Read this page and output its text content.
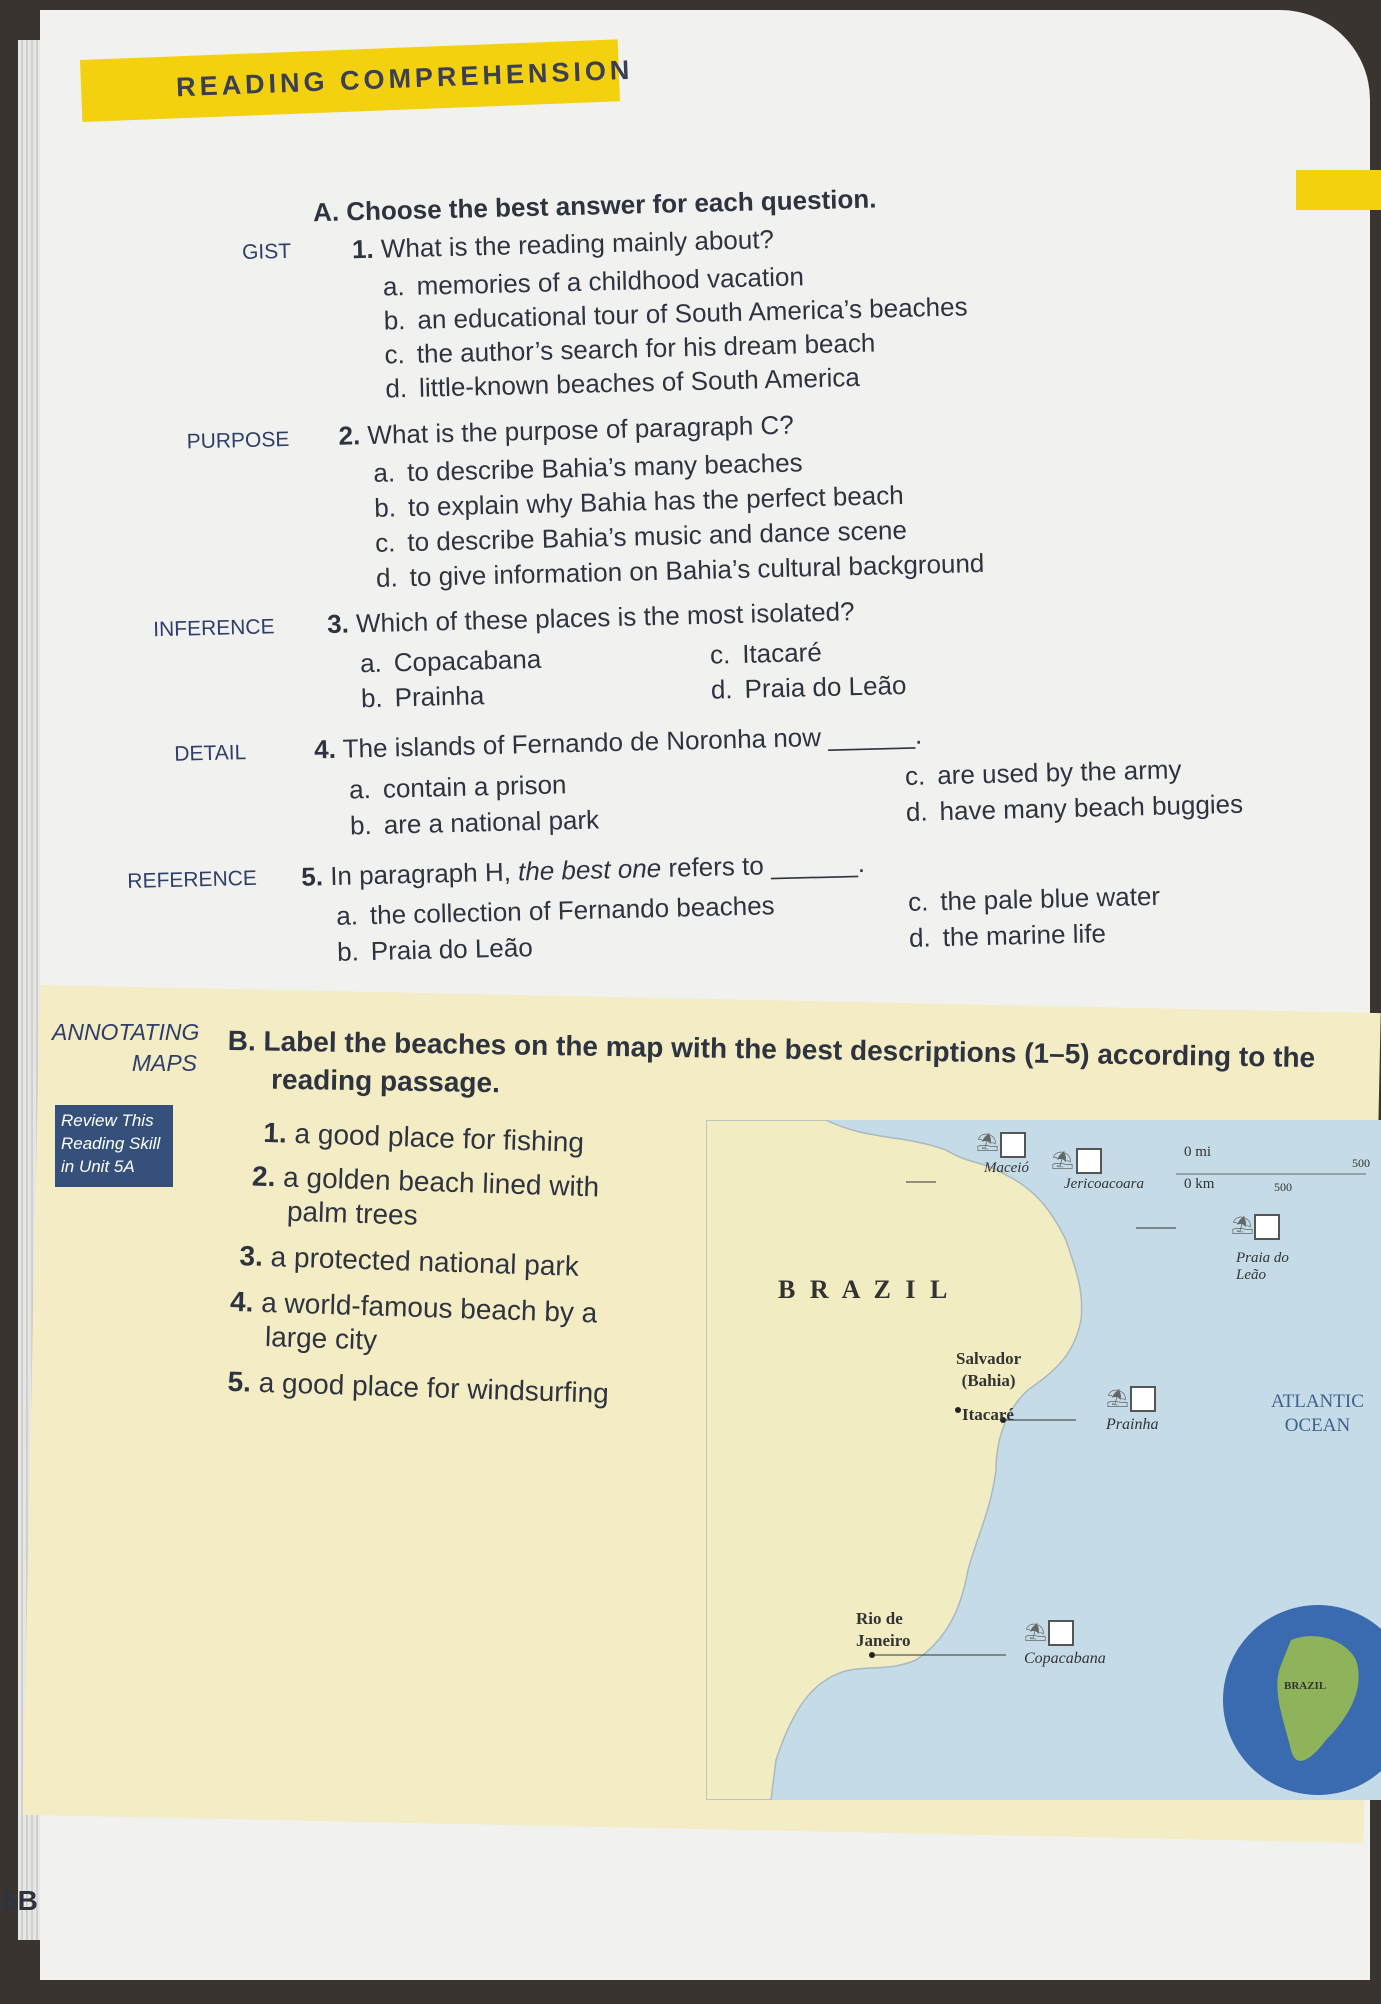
READING COMPREHENSION
A. Choose the best answer for each question.
GIST 1. What is the reading mainly about?
a. memories of a childhood vacation
b. an educational tour of South America’s beaches
c. the author’s search for his dream beach
d. little-known beaches of South America
PURPOSE 2. What is the purpose of paragraph C?
a. to describe Bahia’s many beaches
b. to explain why Bahia has the perfect beach
c. to describe Bahia’s music and dance scene
d. to give information on Bahia’s cultural background
INFERENCE 3. Which of these places is the most isolated?
a. Copacabana
b. Prainha
c. Itacaré
d. Praia do Leão
DETAIL	4. The islands of Fernando de Noronha now ______.
a. contain a prison
b. are a national park
c. are used by the army
d. have many beach buggies
REFERENCE 5. In paragraph H, the best one refers to ______.
a. the collection of Fernando beaches
b. Praia do Leão
c. the pale blue water
d. the marine life
ANNOTATING
MAPS
Review This Reading Skill in Unit 5A
B. Label the beaches on the map with the best descriptions (1–5) according to the
reading passage.
1. a good place for fishing
2. a golden beach lined with
palm trees
3. a protected national park
4. a world-famous beach by a
large city
5. a good place for windsurfing
⛱
⛱
⛱
⛱
⛱
Maceió
Jericoacoara
0 mi
500
0 km	500
Praia do
Leão
B R A Z I L
Salvador
(Bahia)
Itacaré
Prainha
ATLANTIC
OCEAN
Rio de
Janeiro
Copacabana
BRAZIL
5B
